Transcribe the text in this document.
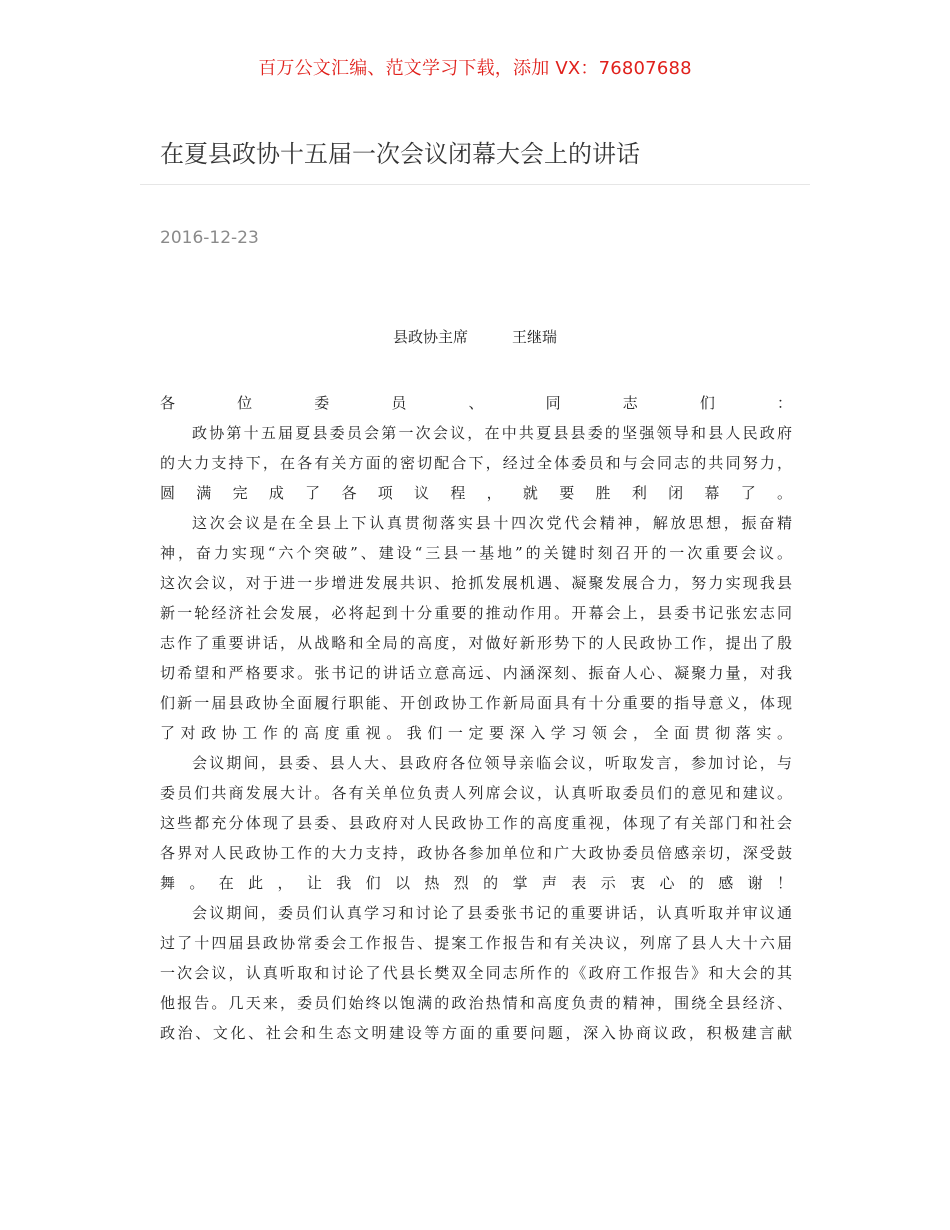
百万公文汇编、范文学习下载，添加 VX：76807688
在夏县政协十五届一次会议闭幕大会上的讲话
2016-12-23
县政协主席	王继瑞
各位委员、同志们：
政协第十五届夏县委员会第一次会议，在中共夏县县委的坚强领导和县人民政府
的大力支持下，在各有关方面的密切配合下，经过全体委员和与会同志的共同努力，
圆满完成了各项议程，就要胜利闭幕了。
这次会议是在全县上下认真贯彻落实县十四次党代会精神，解放思想，振奋精
神，奋力实现“六个突破”、建设“三县一基地”的关键时刻召开的一次重要会议。
这次会议，对于进一步增进发展共识、抢抓发展机遇、凝聚发展合力，努力实现我县
新一轮经济社会发展，必将起到十分重要的推动作用。开幕会上，县委书记张宏志同
志作了重要讲话，从战略和全局的高度，对做好新形势下的人民政协工作，提出了殷
切希望和严格要求。张书记的讲话立意高远、内涵深刻、振奋人心、凝聚力量，对我
们新一届县政协全面履行职能、开创政协工作新局面具有十分重要的指导意义，体现
了对政协工作的高度重视。我们一定要深入学习领会，全面贯彻落实。
会议期间，县委、县人大、县政府各位领导亲临会议，听取发言，参加讨论，与
委员们共商发展大计。各有关单位负责人列席会议，认真听取委员们的意见和建议。
这些都充分体现了县委、县政府对人民政协工作的高度重视，体现了有关部门和社会
各界对人民政协工作的大力支持，政协各参加单位和广大政协委员倍感亲切，深受鼓
舞。在此，让我们以热烈的掌声表示衷心的感谢！
会议期间，委员们认真学习和讨论了县委张书记的重要讲话，认真听取并审议通
过了十四届县政协常委会工作报告、提案工作报告和有关决议，列席了县人大十六届
一次会议，认真听取和讨论了代县长樊双全同志所作的《政府工作报告》和大会的其
他报告。几天来，委员们始终以饱满的政治热情和高度负责的精神，围绕全县经济、
政治、文化、社会和生态文明建设等方面的重要问题，深入协商议政，积极建言献
